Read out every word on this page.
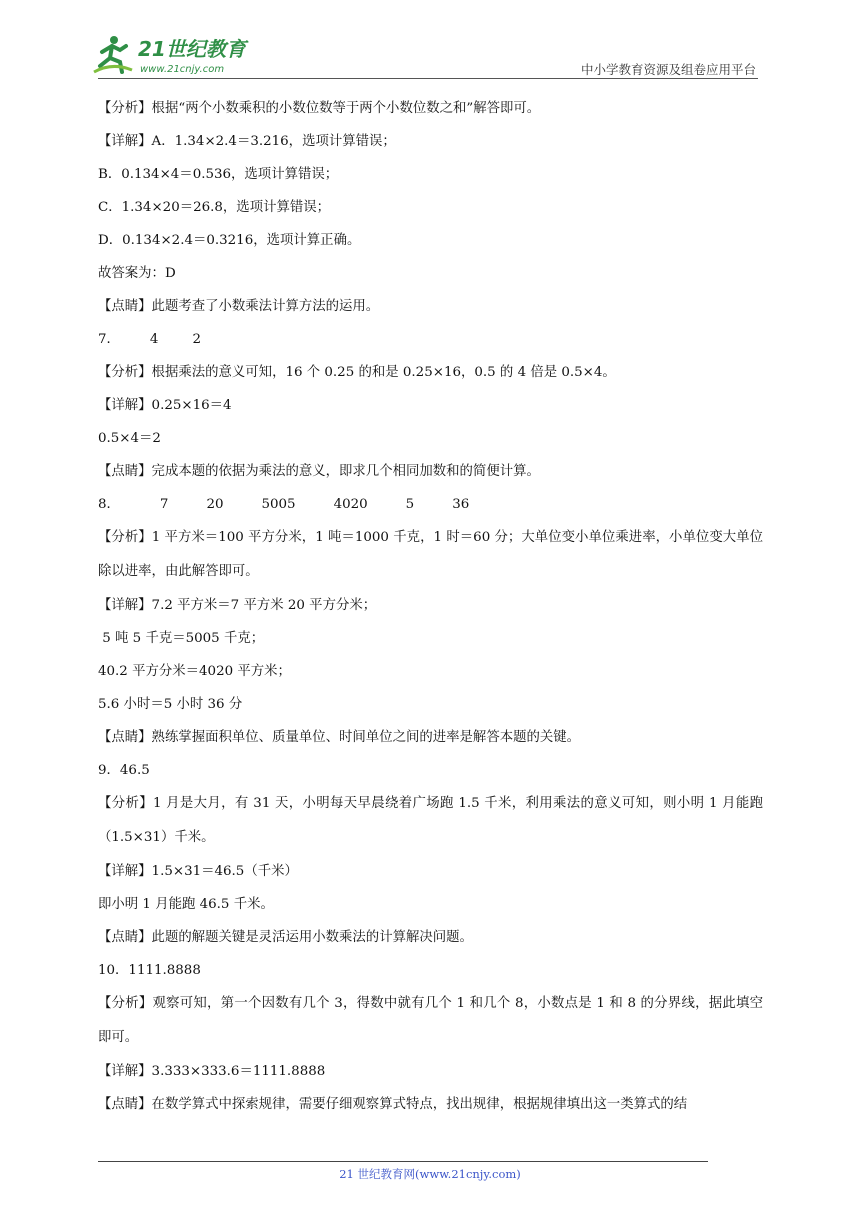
21世纪教育
www.21cnjy.com	中小学教育资源及组卷应用平台
【分析】根据“两个小数乘积的小数位数等于两个小数位数之和”解答即可。
【详解】A．1.34×2.4＝3.216，选项计算错误；
B．0.134×4＝0.536，选项计算错误；
C．1.34×20＝26.8，选项计算错误；
D．0.134×2.4＝0.3216，选项计算正确。
故答案为：D
【点睛】此题考查了小数乘法计算方法的运用。
7． 4	2
【分析】根据乘法的意义可知，16 个 0.25 的和是 0.25×16，0.5 的 4 倍是 0.5×4。
【详解】0.25×16＝4
0.5×4＝2
【点睛】完成本题的依据为乘法的意义，即求几个相同加数和的简便计算。
8．	7	20	5005	4020	5	36
【分析】1 平方米＝100 平方分米，1 吨＝1000 千克，1 时＝60 分；大单位变小单位乘进率，小单位变大单位除以进率，由此解答即可。
【详解】7.2 平方米＝7 平方米 20 平方分米；
5 吨 5 千克＝5005 千克；
40.2 平方分米＝4020 平方米；
5.6 小时＝5 小时 36 分
【点睛】熟练掌握面积单位、质量单位、时间单位之间的进率是解答本题的关键。
9．46.5
【分析】1 月是大月，有 31 天，小明每天早晨绕着广场跑 1.5 千米，利用乘法的意义可知，则小明 1 月能跑（1.5×31）千米。
【详解】1.5×31＝46.5（千米）
即小明 1 月能跑 46.5 千米。
【点睛】此题的解题关键是灵活运用小数乘法的计算解决问题。
10．1111.8888
【分析】观察可知，第一个因数有几个 3，得数中就有几个 1 和几个 8，小数点是 1 和 8 的分界线，据此填空即可。
【详解】3.333×333.6＝1111.8888
【点睛】在数学算式中探索规律，需要仔细观察算式特点，找出规律，根据规律填出这一类算式的结
21 世纪教育网(www.21cnjy.com)
